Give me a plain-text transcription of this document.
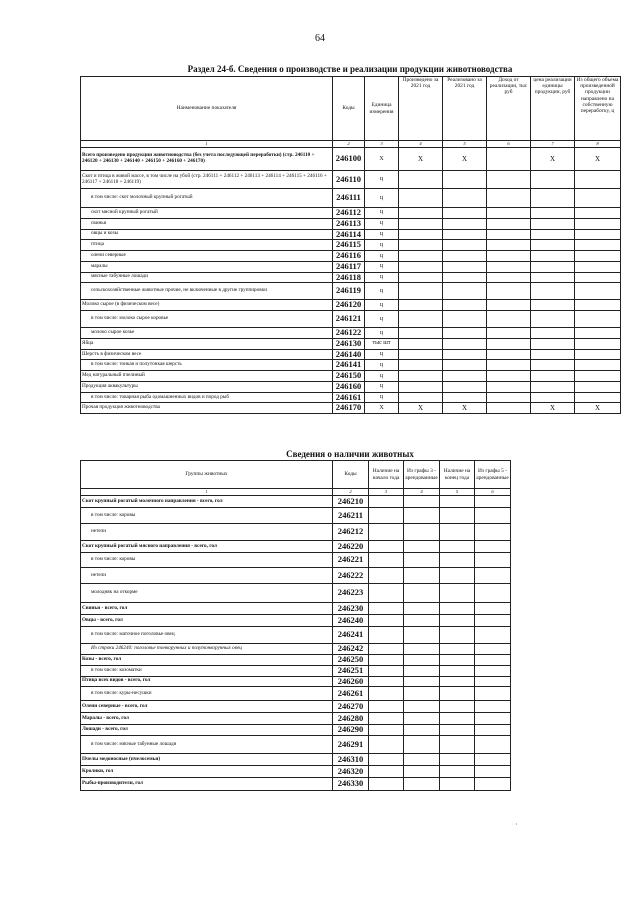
64
Раздел 24-б. Сведения о производстве и реализации продукции животноводства
Наименование показателя	Коды	Единица измерения	Произведено за 2021 год	Реализовано за 2021 год	Доход от реализации, тыс руб	цена реализации единицы продукции, руб	Из общего объема произведенной продукции направлено на собственную переработку, ц
1	2	3	4	5	6	7	8
Всего произведено продукции животноводства (без учета последующей переработки) (стр. 246110 + 246120 + 246130 + 246140 + 246150 + 246160 + 246170)	246100	X	X	X		X	X
Скот и птица в живой массе, в том числе на убой (стр. 246111 + 246112 + 246113 + 246114 + 246115 + 246116 + 246117 + 246118 + 246119)	246110	ц					
в том числе: скот молочный крупный рогатый	246111	ц					
скот мясной крупный рогатый	246112	ц					
свиньи	246113	ц					
овцы и козы	246114	ц					
птица	246115	ц					
олени северные	246116	ц					
маралы	246117	ц					
мясные табунные лошади	246118	ц					
сельскохозяйственные животные прочие, не включенные в другие группировки	246119	ц					
Молоко сырое (в физическом весе)	246120	ц					
в том числе: молоко сырое коровье	246121	ц					
молоко сырое козье	246122	ц					
Яйца	246130	тыс шт					
Шерсть в физическом весе	246140	ц					
в том числе: тонкая и полутонкая шерсть	246141	ц					
Мед натуральный пчелиный	246150	ц					
Продукция аквакультуры	246160	ц					
в том числе: товарная рыба одомашненных видов и пород рыб	246161	ц					
Прочая продукция животноводства	246170	X	X	X		X	X
Сведения о наличии животных
Группы животных	Коды	Наличие на начало года	Из графы 3 - арендованные	Наличие на конец года	Из графы 5 - арендованные
1	2	3	4	5	6
Скот крупный рогатый молочного направления - всего, гол	246210				
в том числе: коровы	246211				
нетели	246212				
Скот крупный рогатый мясного направления - всего, гол	246220				
в том числе: коровы	246221				
нетели	246222				
молодняк на откорме	246223				
Свиньи - всего, гол	246230				
Овцы - всего, гол	246240				
в том числе: маточное поголовье овец	246241				
Из строки 246240: поголовье тонкорунных и полутонкорунных овец	246242				
Козы - всего, гол	246250				
в том числе: козоматки	246251				
Птица всех видов - всего, гол	246260				
в том числе: куры-несушки	246261				
Олени северные - всего, гол	246270				
Маралы - всего, гол	246280				
Лошади - всего, гол	246290				
в том числе: мясные табунные лошади	246291				
Пчелы медоносные (пчелосемьи)	246310				
Кролики, гол	246320				
Рыбы-производители, гол	246330				
·
